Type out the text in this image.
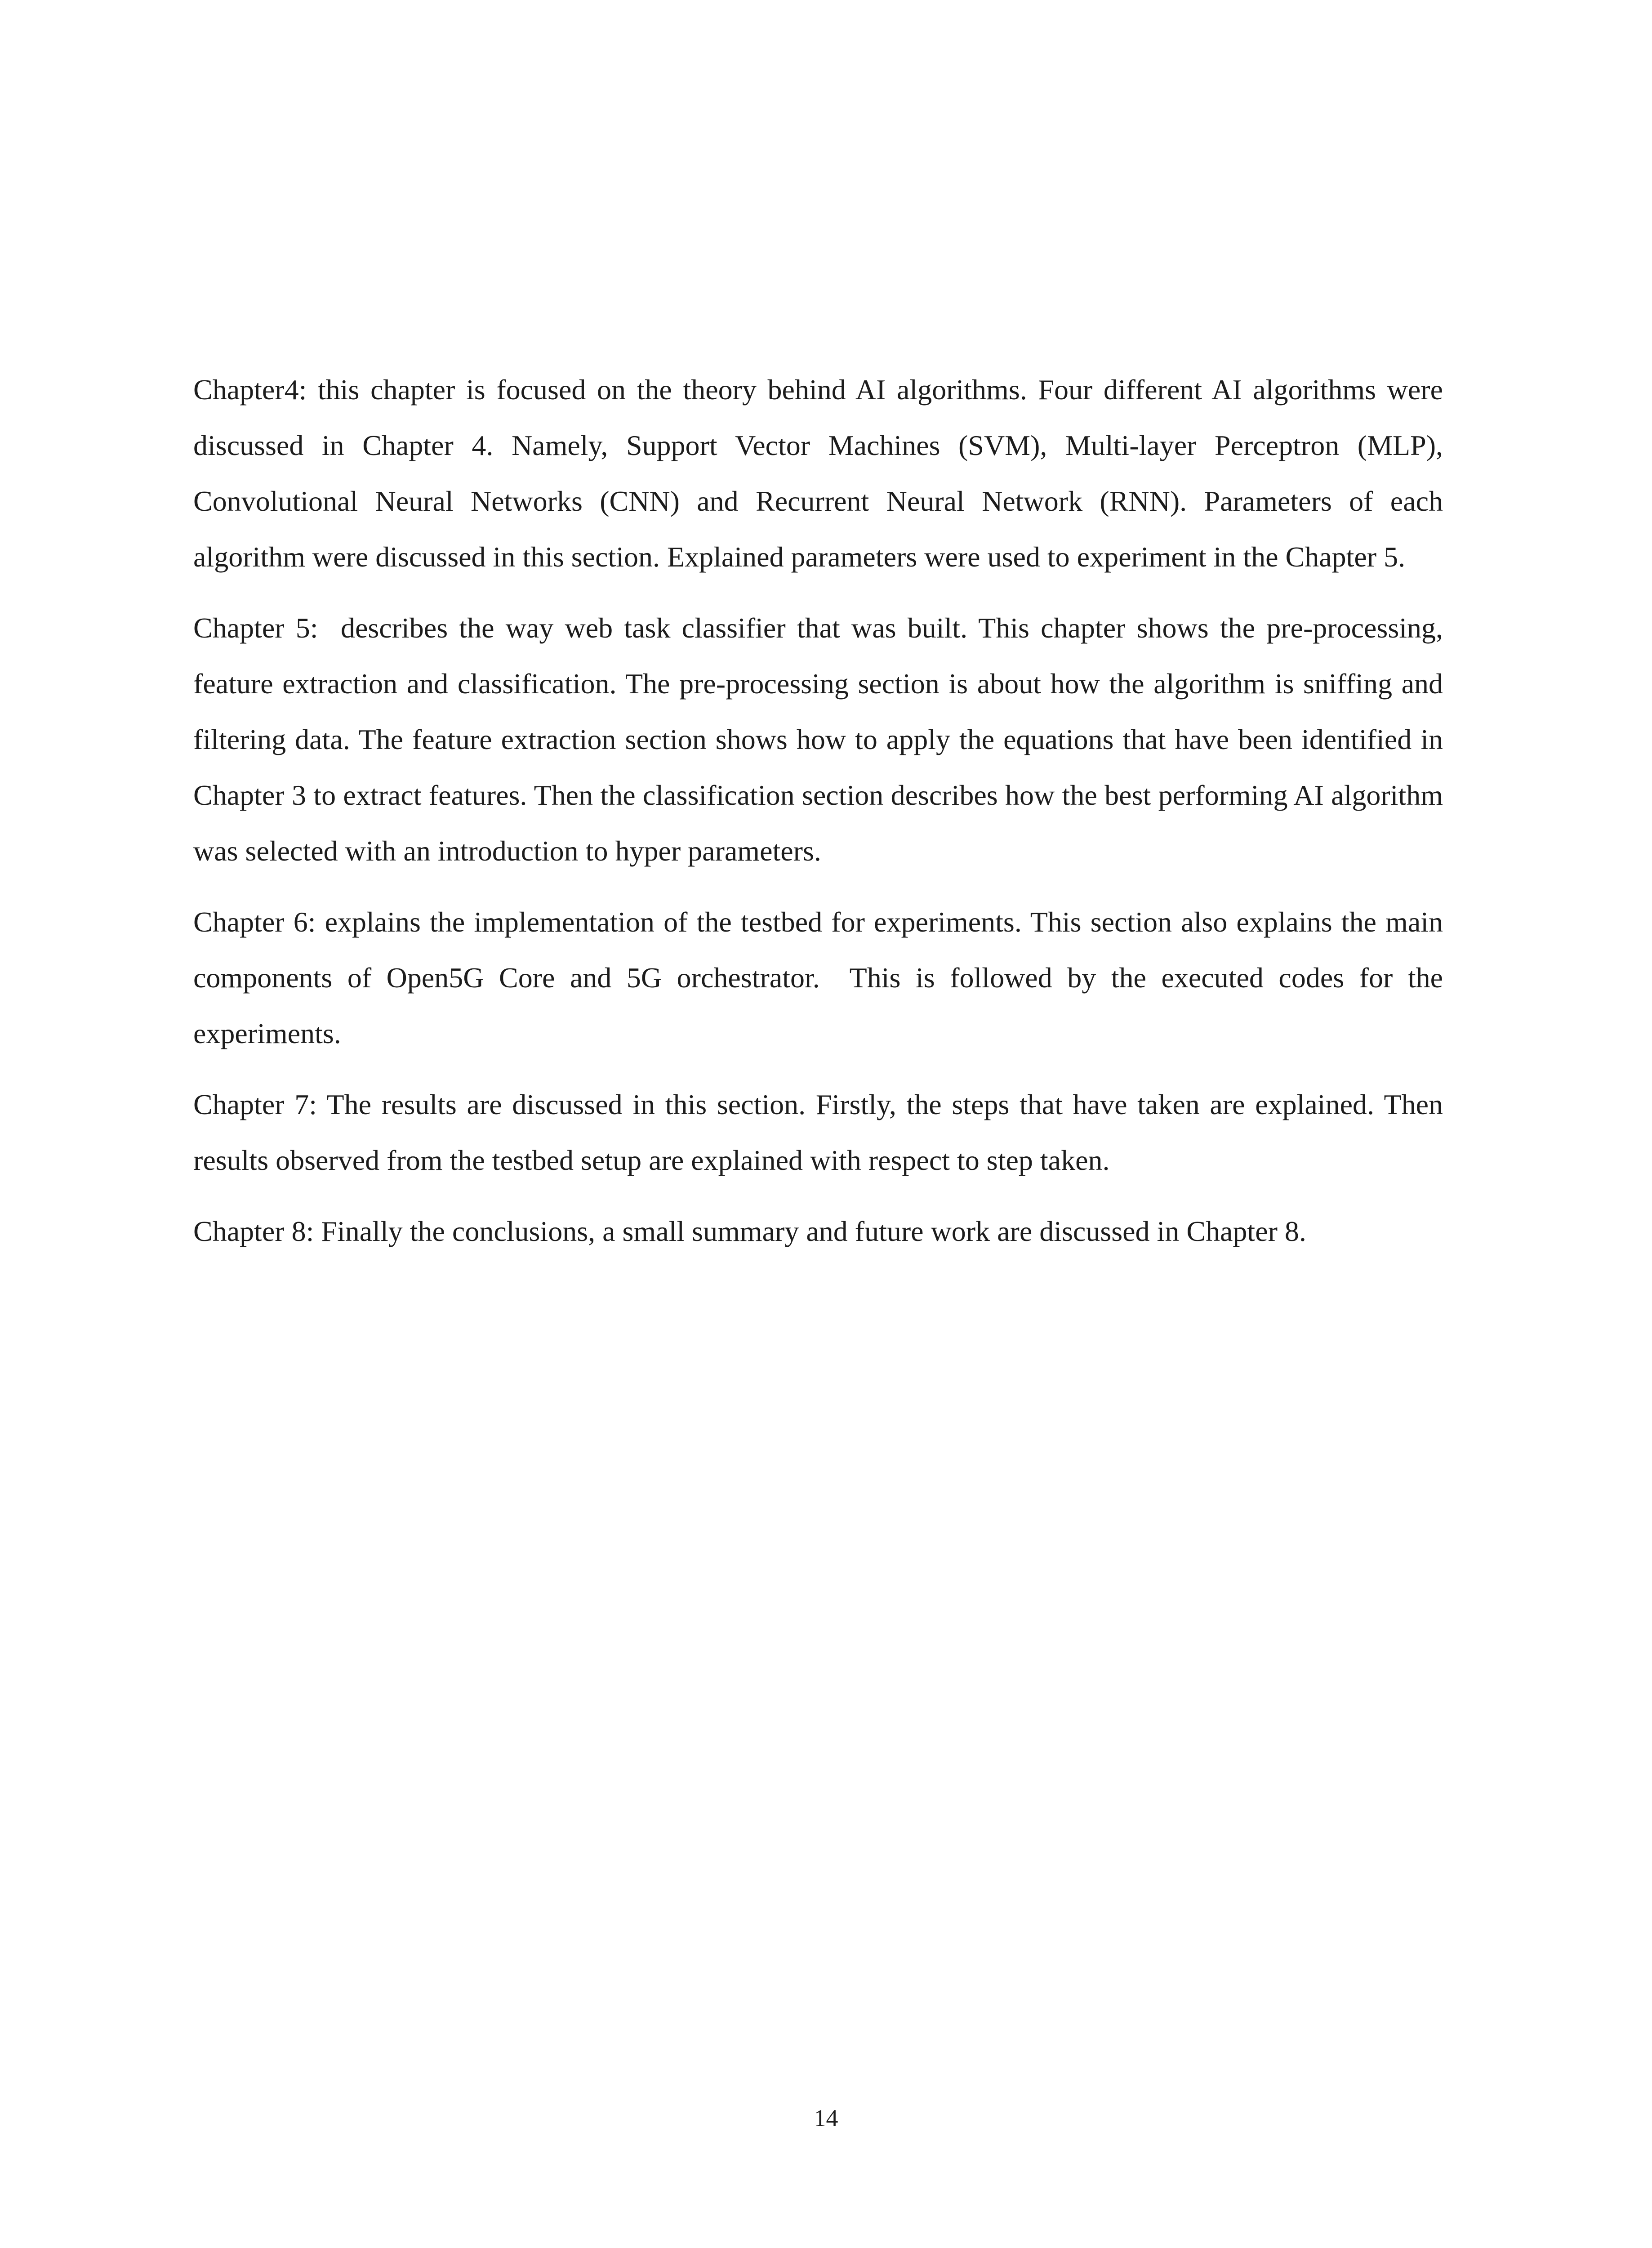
Chapter4: this chapter is focused on the theory behind AI algorithms. Four different AI algorithms were discussed in Chapter 4. Namely, Support Vector Machines (SVM), Multi-layer Perceptron (MLP), Convolutional Neural Networks (CNN) and Recurrent Neural Network (RNN). Parameters of each algorithm were discussed in this section. Explained parameters were used to experiment in the Chapter 5.

Chapter 5:  describes the way web task classifier that was built. This chapter shows the pre-processing, feature extraction and classification. The pre-processing section is about how the algorithm is sniffing and filtering data. The feature extraction section shows how to apply the equations that have been identified in Chapter 3 to extract features. Then the classification section describes how the best performing AI algorithm was selected with an introduction to hyper parameters.

Chapter 6: explains the implementation of the testbed for experiments. This section also explains the main components of Open5G Core and 5G orchestrator.  This is followed by the executed codes for the experiments.

Chapter 7: The results are discussed in this section. Firstly, the steps that have taken are explained. Then results observed from the testbed setup are explained with respect to step taken.

Chapter 8: Finally the conclusions, a small summary and future work are discussed in Chapter 8.

14
